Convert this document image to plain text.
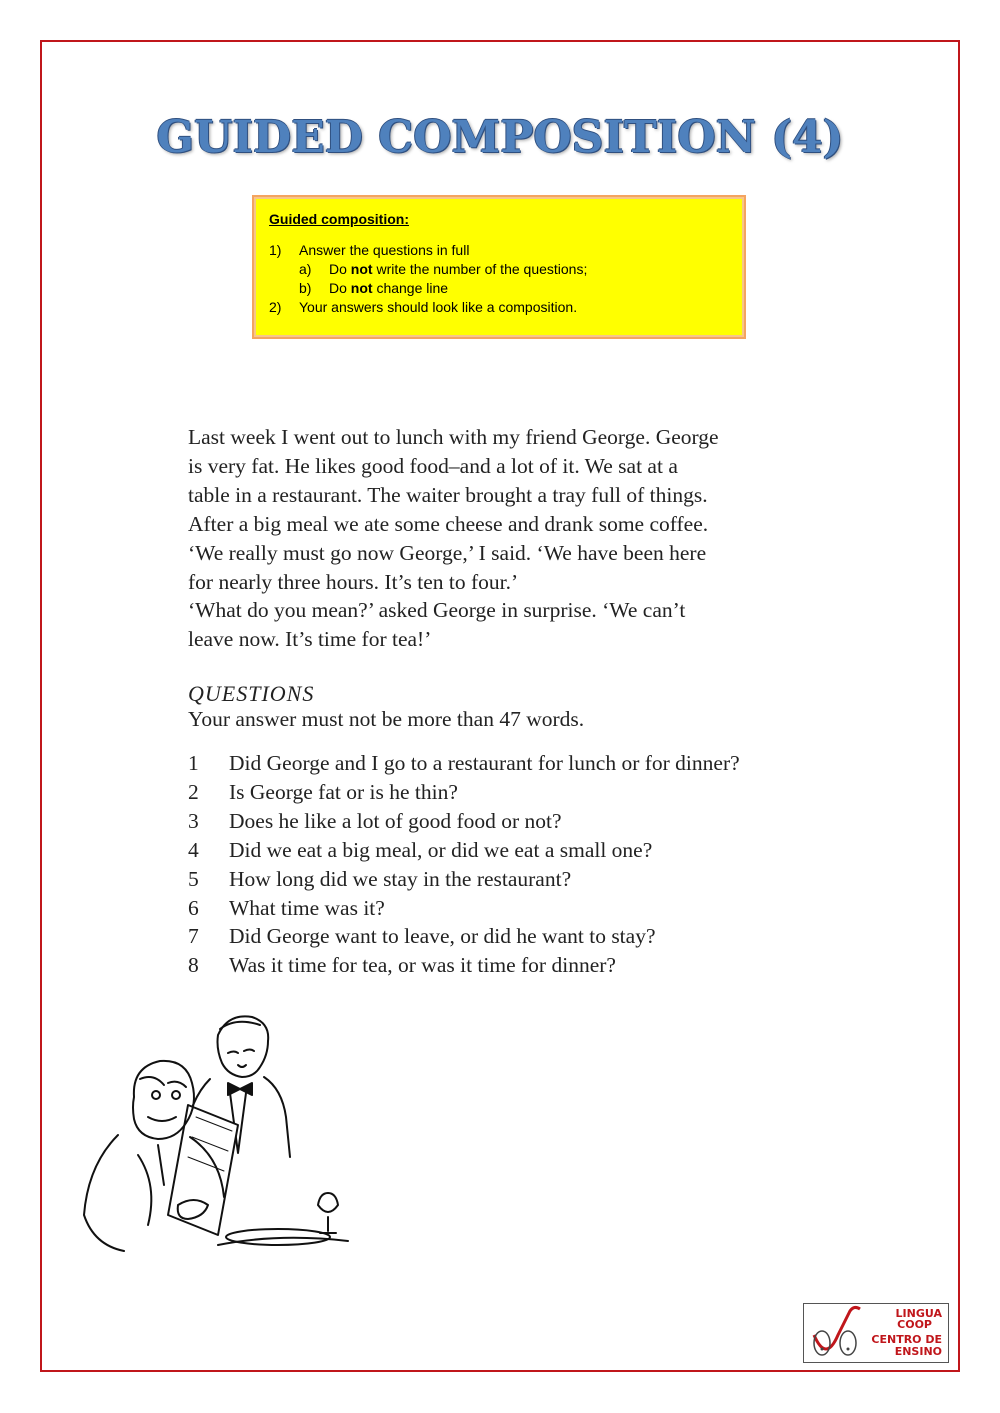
GUIDED COMPOSITION (4)
Guided composition:
1)	Answer the questions in full
a)	Do not write the number of the questions;
b)	Do not change line
2)	Your answers should look like a composition.

Last week I went out to lunch with my friend George. George

is very fat. He likes good food–and a lot of it. We sat at a

table in a restaurant. The waiter brought a tray full of things.

After a big meal we ate some cheese and drank some coffee.

‘We really must go now George,’ I said. ‘We have been here

for nearly three hours. It’s ten to four.’

‘What do you mean?’ asked George in surprise. ‘We can’t

leave now. It’s time for tea!’

QUESTIONS
Your answer must not be more than 47 words.
1	Did George and I go to a restaurant for lunch or for dinner?
2	Is George fat or is he thin?
3	Does he like a lot of good food or not?
4	Did we eat a big meal, or did we eat a small one?
5	How long did we stay in the restaurant?
6	What time was it?
7	Did George want to leave, or did he want to stay?
8	Was it time for tea, or was it time for dinner?
LINGUA
COOP
CENTRO DE
ENSINO
